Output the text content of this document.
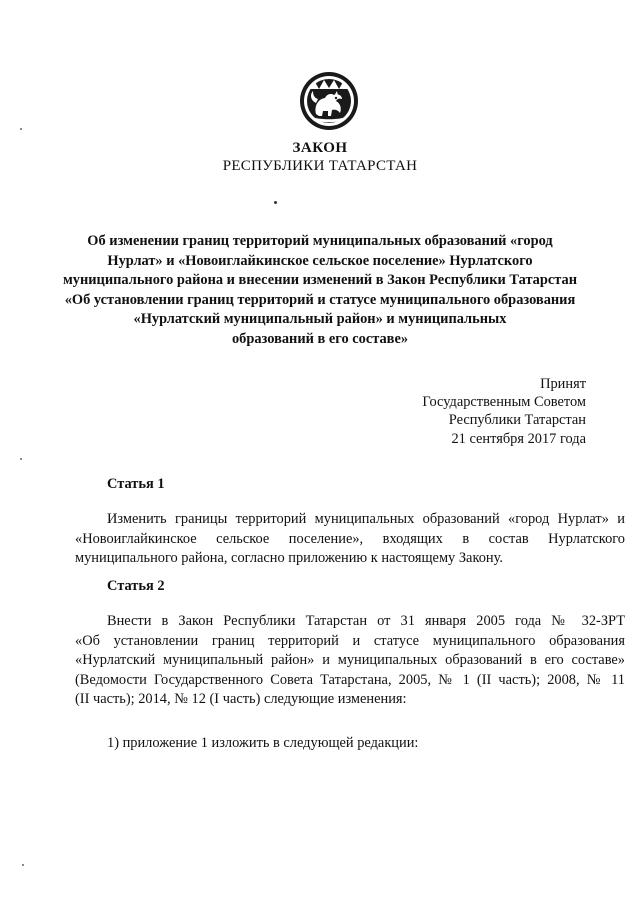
ЗАКОН
РЕСПУБЛИКИ ТАТАРСТАН
Об изменении границ территорий муниципальных образований «город
Нурлат» и «Новоиглайкинское сельское поселение» Нурлатского
муниципального района и внесении изменений в Закон Республики Татарстан
«Об установлении границ территорий и статусе муниципального образования
«Нурлатский муниципальный район» и муниципальных
образований в его составе»
Принят
Государственным Советом
Республики Татарстан
21 сентября 2017 года
Статья 1
Изменить границы территорий муниципальных образований «город Нурлат» и
«Новоиглайкинское сельское поселение», входящих в состав Нурлатского
муниципального района, согласно приложению к настоящему Закону.
Статья 2
Внести в Закон Республики Татарстан от 31 января 2005 года № 32-ЗРТ
«Об установлении границ территорий и статусе муниципального образования
«Нурлатский муниципальный район» и муниципальных образований в его составе»
(Ведомости Государственного Совета Татарстана, 2005, № 1 (II часть); 2008, № 11
(II часть); 2014, № 12 (I часть) следующие изменения:
1) приложение 1 изложить в следующей редакции:
